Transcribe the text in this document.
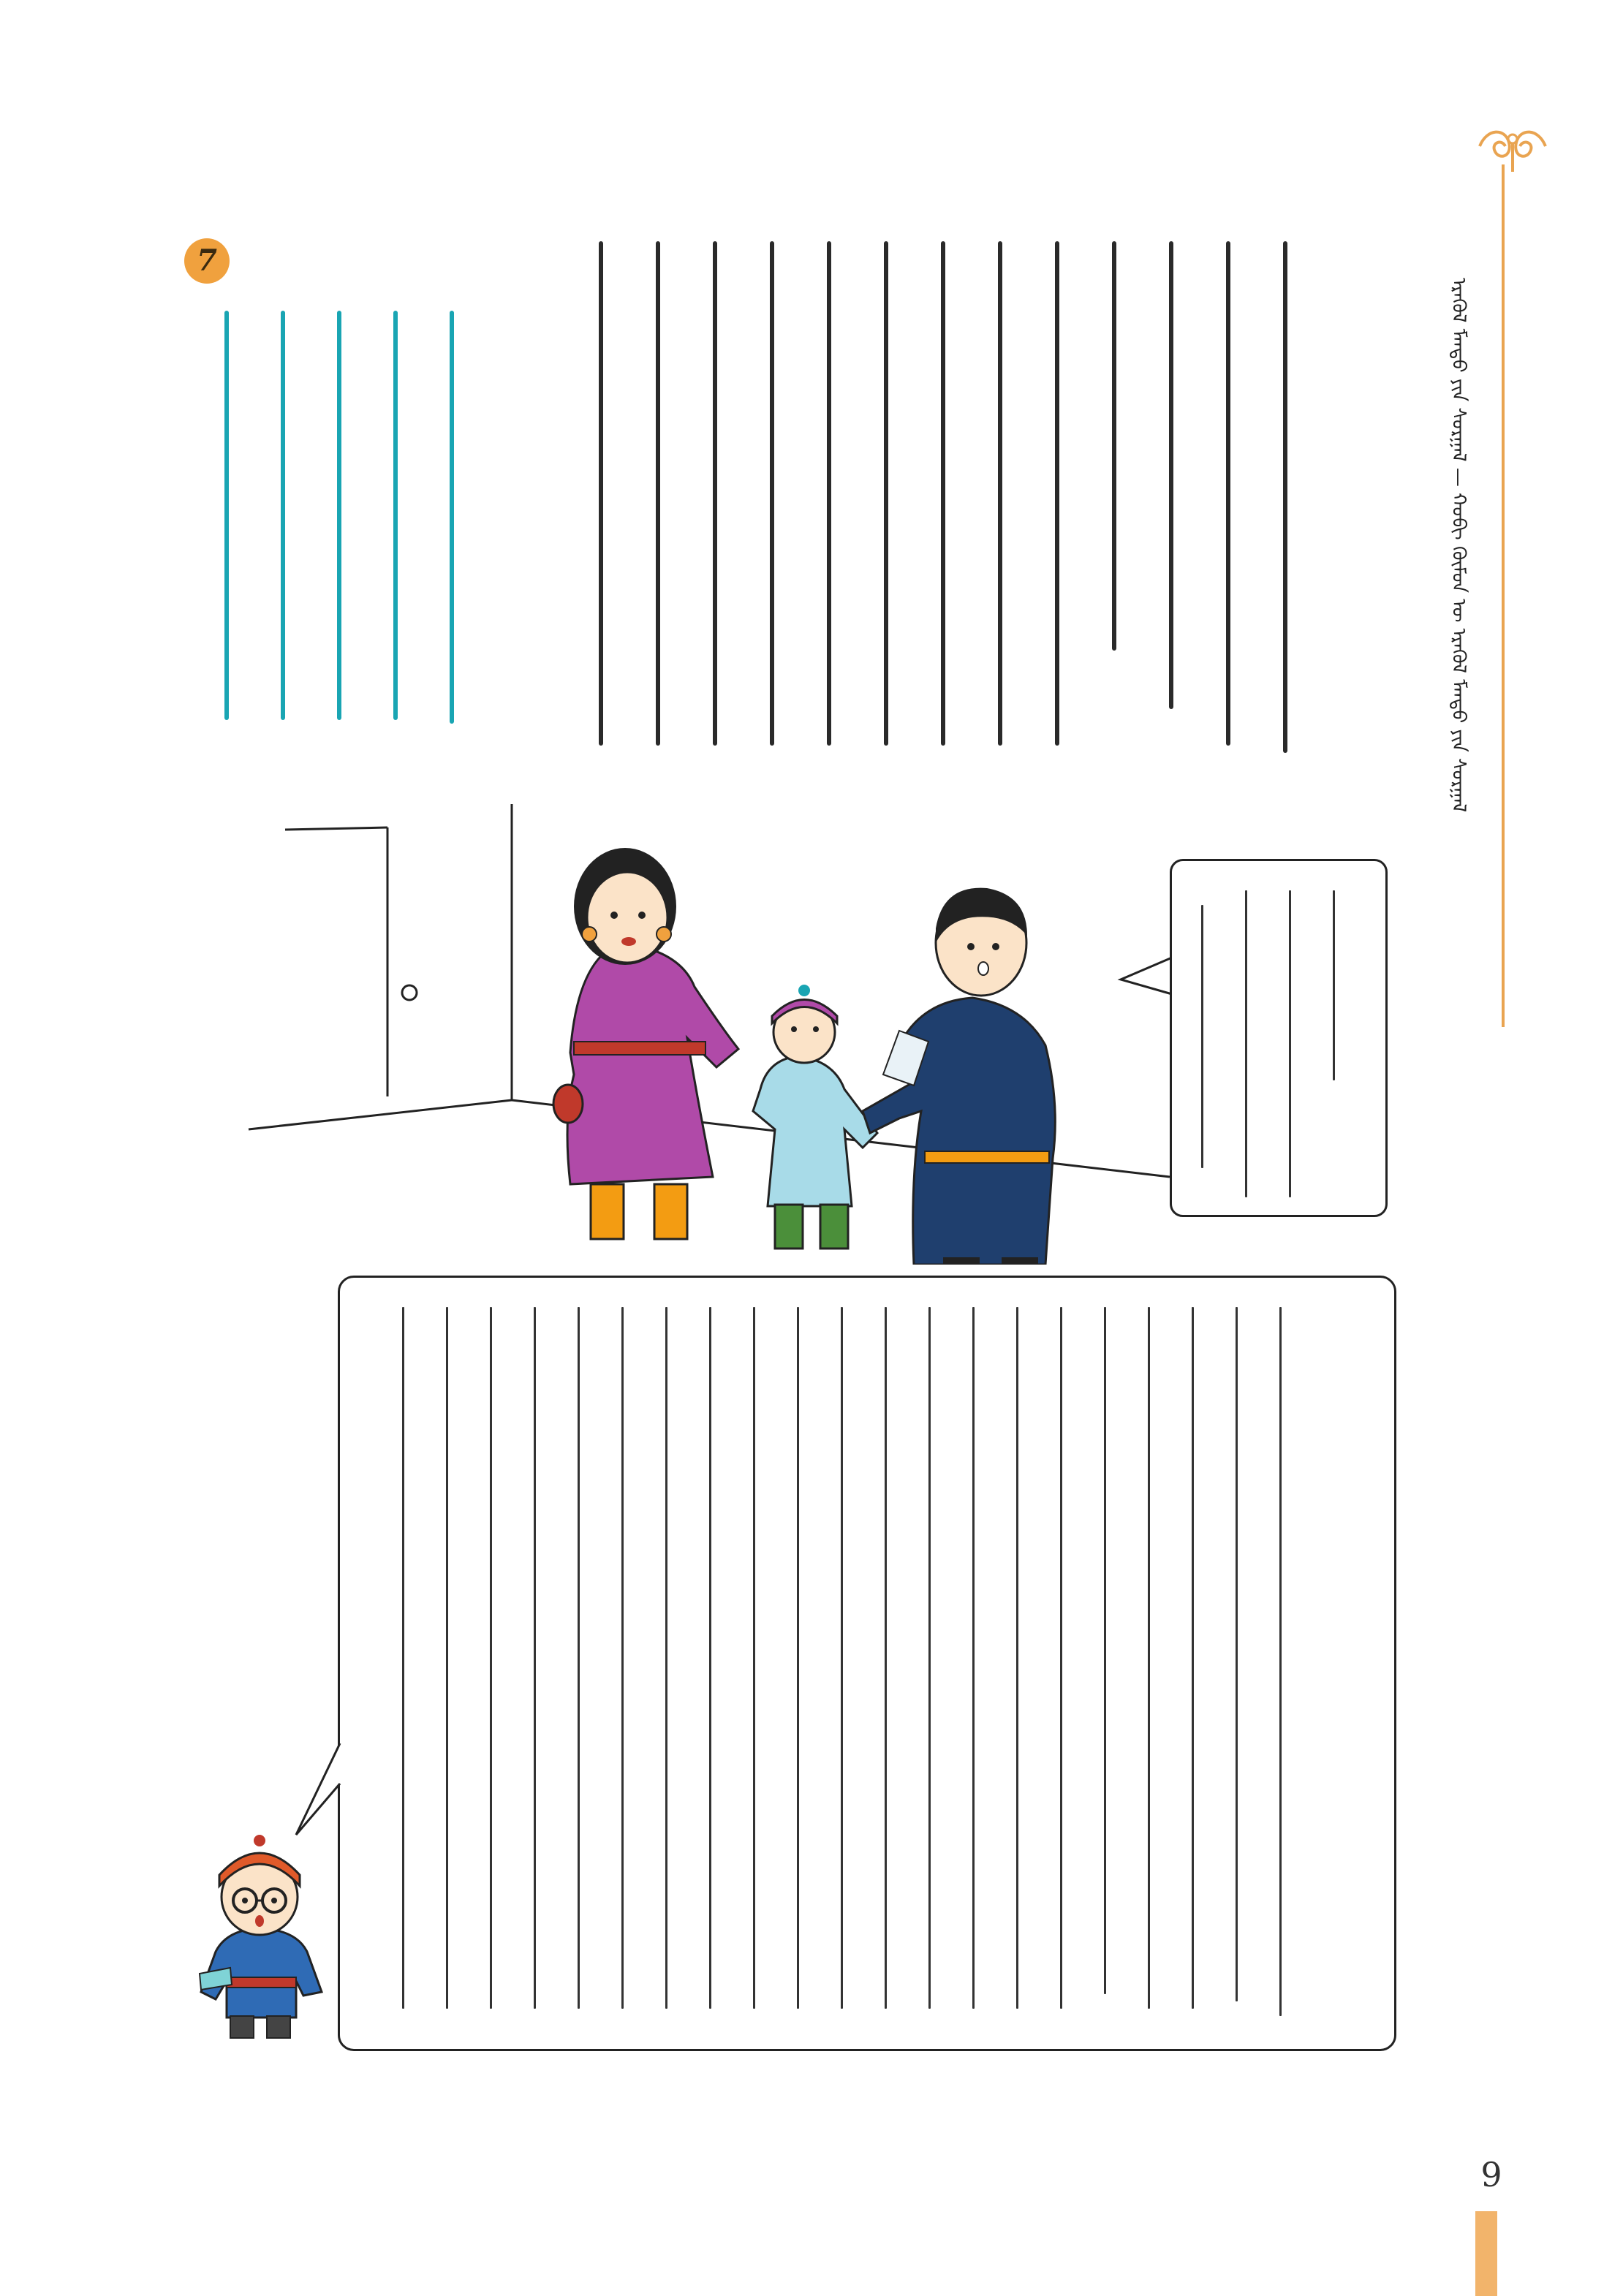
ᠡᠷᠡᠬᠦᠯ ᠮᠡᠨᠳᠦ ᠶᠢᠨ ᠰᠤᠷᠭᠠᠯ — ᠬᠤᠪᠢ ᠬᠥᠮᠦᠨ ᠦ ᠡᠷᠡᠬᠦᠯ ᠮᠡᠨᠳᠦ ᠶᠢᠨ ᠰᠤᠷᠭᠠᠯ
7
9
